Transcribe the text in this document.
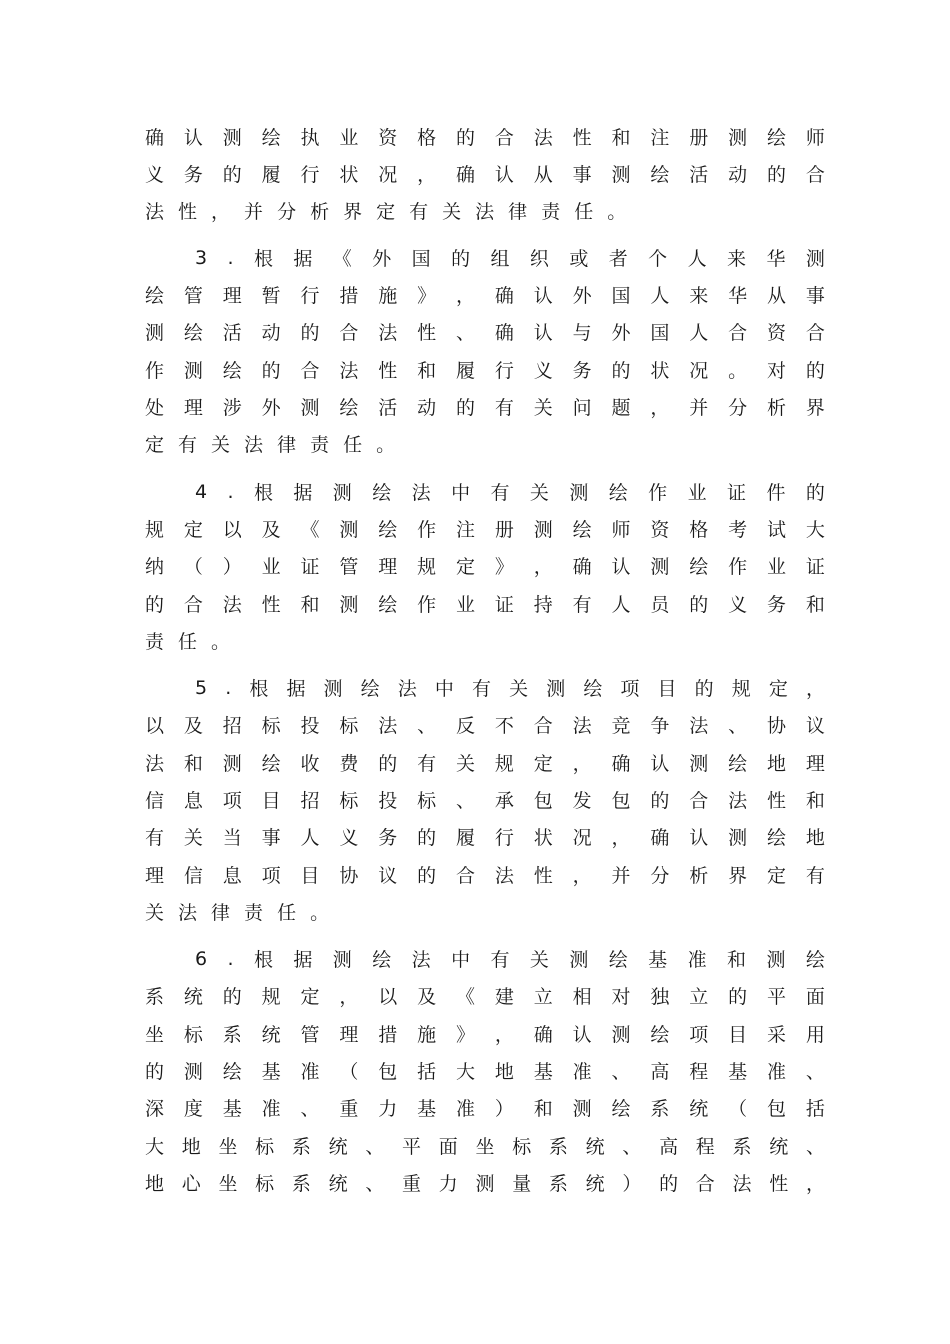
确 认 测 绘 执 业 资 格 的 合 法 性 和 注 册 测 绘 师
义 务 的 履 行 状 况 ， 确 认 从 事 测 绘 活 动 的 合
法 性 ， 并 分 析 界 定 有 关 法 律 责 任 。
3 . 根 据 《 外 国 的 组 织 或 者 个 人 来 华 测
绘 管 理 暂 行 措 施 》 ， 确 认 外 国 人 来 华 从 事
测 绘 活 动 的 合 法 性 、 确 认 与 外 国 人 合 资 合
作 测 绘 的 合 法 性 和 履 行 义 务 的 状 况 。 对 的
处 理 涉 外 测 绘 活 动 的 有 关 问 题 ， 并 分 析 界
定 有 关 法 律 责 任 。
4 . 根 据 测 绘 法 中 有 关 测 绘 作 业 证 件 的
规 定 以 及 《 测 绘 作 注 册 测 绘 师 资 格 考 试 大
纳 （ ） 业 证 管 理 规 定 》 ， 确 认 测 绘 作 业 证
的 合 法 性 和 测 绘 作 业 证 持 有 人 员 的 义 务 和
责 任 。
5 . 根 据 测 绘 法 中 有 关 测 绘 项 目 的 规 定 ，
以 及 招 标 投 标 法 、 反 不 合 法 竞 争 法 、 协 议
法 和 测 绘 收 费 的 有 关 规 定 ， 确 认 测 绘 地 理
信 息 项 目 招 标 投 标 、 承 包 发 包 的 合 法 性 和
有 关 当 事 人 义 务 的 履 行 状 况 ， 确 认 测 绘 地
理 信 息 项 目 协 议 的 合 法 性 ， 并 分 析 界 定 有
关 法 律 责 任 。
6 . 根 据 测 绘 法 中 有 关 测 绘 基 准 和 测 绘
系 统 的 规 定 ， 以 及 《 建 立 相 对 独 立 的 平 面
坐 标 系 统 管 理 措 施 》 ， 确 认 测 绘 项 目 采 用
的 测 绘 基 准 （ 包 括 大 地 基 准 、 高 程 基 准 、
深 度 基 准 、 重 力 基 准 ） 和 测 绘 系 统 （ 包 括
大 地 坐 标 系 统 、 平 面 坐 标 系 统 、 高 程 系 统 、
地 心 坐 标 系 统 、 重 力 测 量 系 统 ） 的 合 法 性 ，
